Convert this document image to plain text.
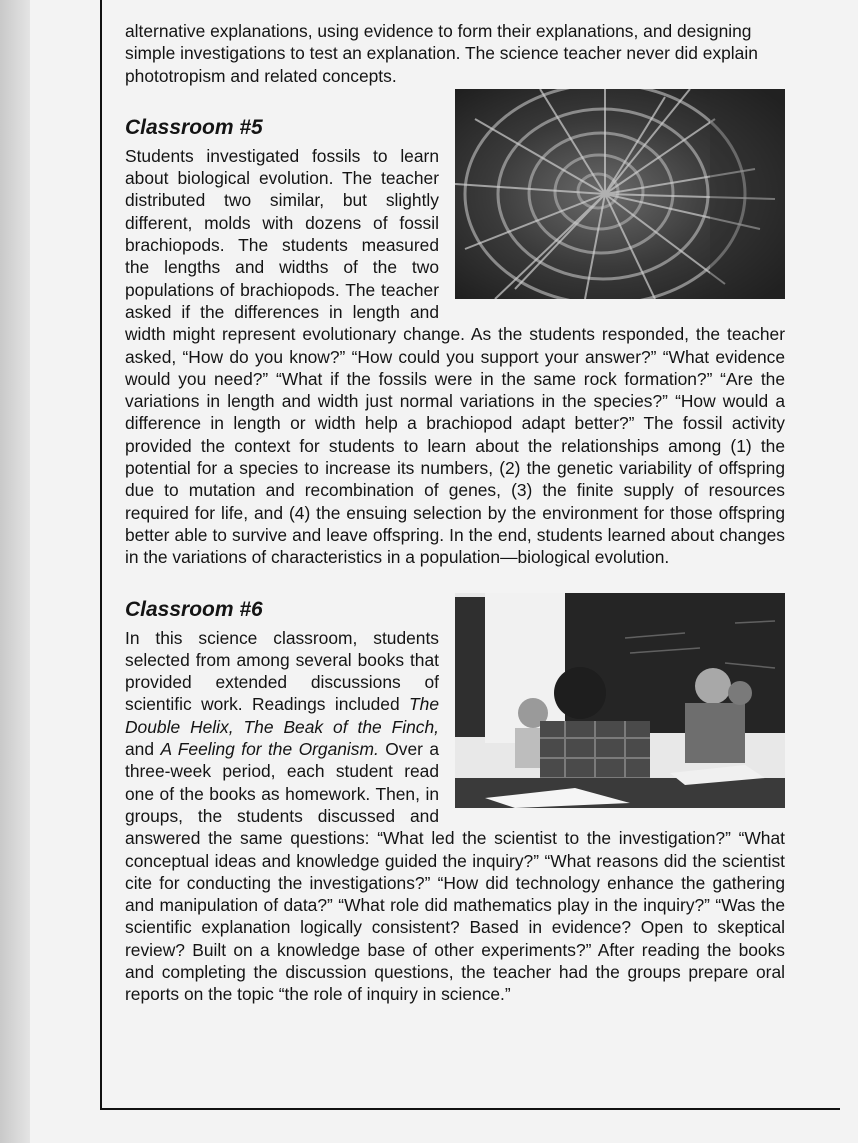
alternative explanations, using evidence to form their explanations, and designing simple investigations to test an explanation. The science teacher never did explain phototropism and related concepts.

Classroom #5

Students investigated fossils to learn about biological evolution. The teacher distributed two similar, but slightly different, molds with dozens of fossil brachiopods. The students measured the lengths and widths of the two populations of brachiopods. The teacher asked if the differences in length and width might represent evolutionary change. As the students responded, the teacher asked, “How do you know?” “How could you support your answer?” “What evidence would you need?” “What if the fossils were in the same rock formation?” “Are the variations in length and width just normal variations in the species?” “How would a difference in length or width help a brachiopod adapt better?” The fossil activity provided the context for students to learn about the relationships among (1) the potential for a species to increase its numbers, (2) the genetic variability of offspring due to mutation and recombination of genes, (3) the finite supply of resources required for life, and (4) the ensuing selection by the environment for those offspring better able to survive and leave offspring. In the end, students learned about changes in the variations of characteristics in a population—biological evolution.

Classroom #6

In this science classroom, students selected from among several books that provided extended discussions of scientific work. Readings included The Double Helix, The Beak of the Finch, and A Feeling for the Organism. Over a three-week period, each student read one of the books as homework. Then, in groups, the students discussed and answered the same questions: “What led the scientist to the investigation?” “What conceptual ideas and knowledge guided the inquiry?” “What reasons did the scientist cite for conducting the investigations?” “How did technology enhance the gathering and manipulation of data?” “What role did mathematics play in the inquiry?” “Was the scientific explanation logically consistent? Based in evidence? Open to skeptical review? Built on a knowledge base of other experiments?” After reading the books and completing the discussion questions, the teacher had the groups prepare oral reports on the topic “the role of inquiry in science.”
